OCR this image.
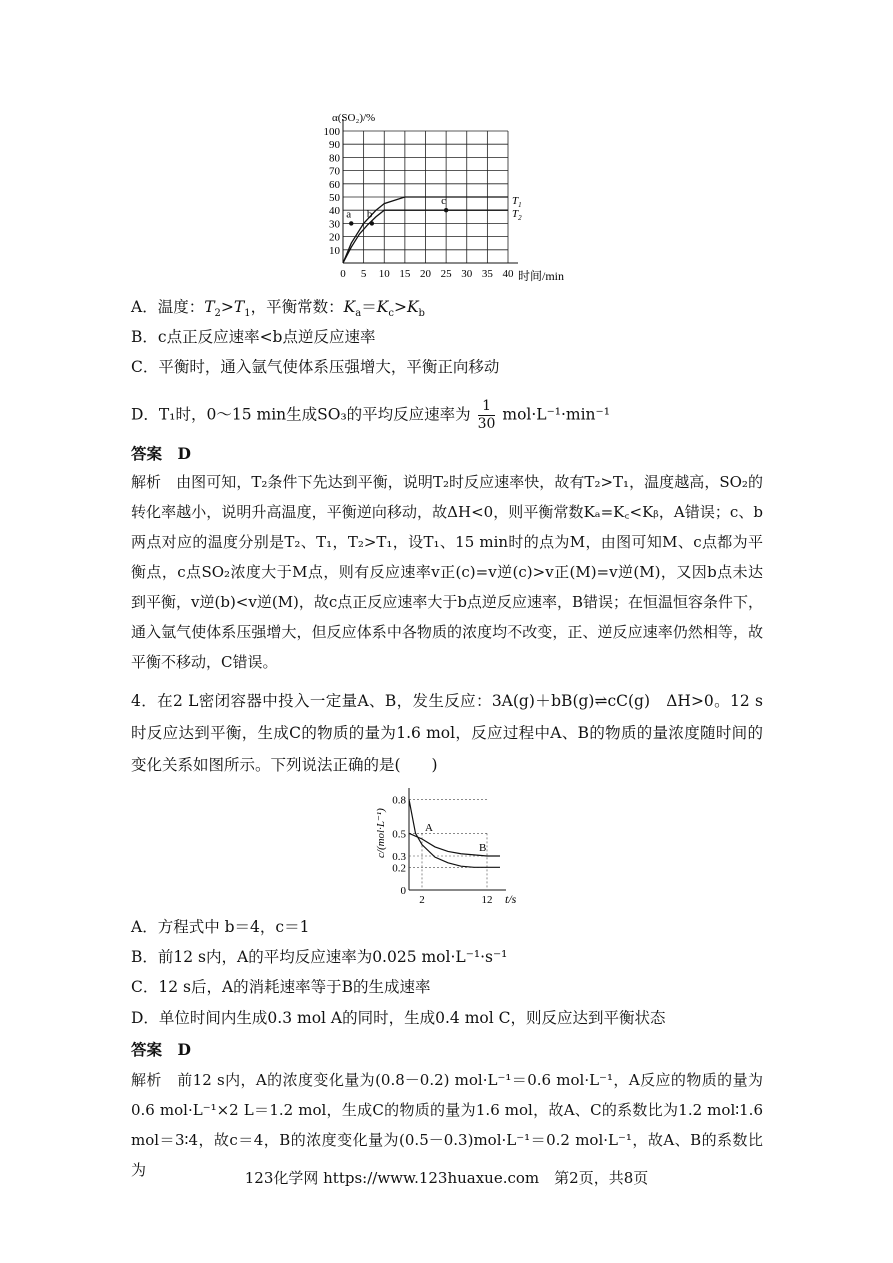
10
20
30
40
50
60
70
80
90
100
0 5 10 15 20 25 30 35 40
a b
c
α(SO₂)/%
时间/min
$T_1$
$T_2$
A．温度：$T_2>T_1$，平衡常数：$K_a=K_c>K_b$
B．c点正反应速率<b点逆反应速率
C．平衡时，通入氩气使体系压强增大，平衡正向移动
D．T₁时，0～15 min生成SO₃的平均反应速率为 $\frac{1}{30} mol\cdot L^{-1}\cdot\min^{-1}$
答案　D
解析　由图可知，T₂条件下先达到平衡，说明T₂时反应速率快，故有T₂>T₁，温度越高，SO₂的转化率越小，说明升高温度，平衡逆向移动，故ΔH<0，则平衡常数Kₐ=K꜀<Kᵦ，A错误；c、b两点对应的温度分别是T₂、T₁，T₂>T₁，设T₁、15 min时的点为M，由图可知M、c点都为平衡点，c点SO₂浓度大于M点，则有反应速率v正(c)=v逆(c)>v正(M)=v逆(M)，又因b点未达到平衡，v逆(b)<v逆(M)，故c点正反应速率大于b点逆反应速率，B错误；在恒温恒容条件下，通入氩气使体系压强增大，但反应体系中各物质的浓度均不改变，正、逆反应速率仍然相等，故平衡不移动，C错误。
4．在2 L密闭容器中投入一定量A、B，发生反应：3A(g)＋bB(g)⇌cC(g)　ΔH>0。12 s时反应达到平衡，生成C的物质的量为1.6 mol，反应过程中A、B的物质的量浓度随时间的变化关系如图所示。下列说法正确的是(　　)
0.8
0.5
0.3
0.2
0
2	12
c/(mol·L⁻¹)
t/s
A
B
A．方程式中 b＝4，c＝1
B．前12 s内，A的平均反应速率为0.025 mol·L⁻¹·s⁻¹
C．12 s后，A的消耗速率等于B的生成速率
D．单位时间内生成0.3 mol A的同时，生成0.4 mol C，则反应达到平衡状态
答案　D
解析　前12 s内，A的浓度变化量为(0.8－0.2) mol·L⁻¹＝0.6 mol·L⁻¹，A反应的物质的量为0.6 mol·L⁻¹×2 L＝1.2 mol，生成C的物质的量为1.6 mol，故A、C的系数比为1.2 mol∶1.6 mol＝3∶4，故c＝4，B的浓度变化量为(0.5－0.3)mol·L⁻¹＝0.2 mol·L⁻¹，故A、B的系数比为	123化学网 https://www.123huaxue.com　第2页，共8页
